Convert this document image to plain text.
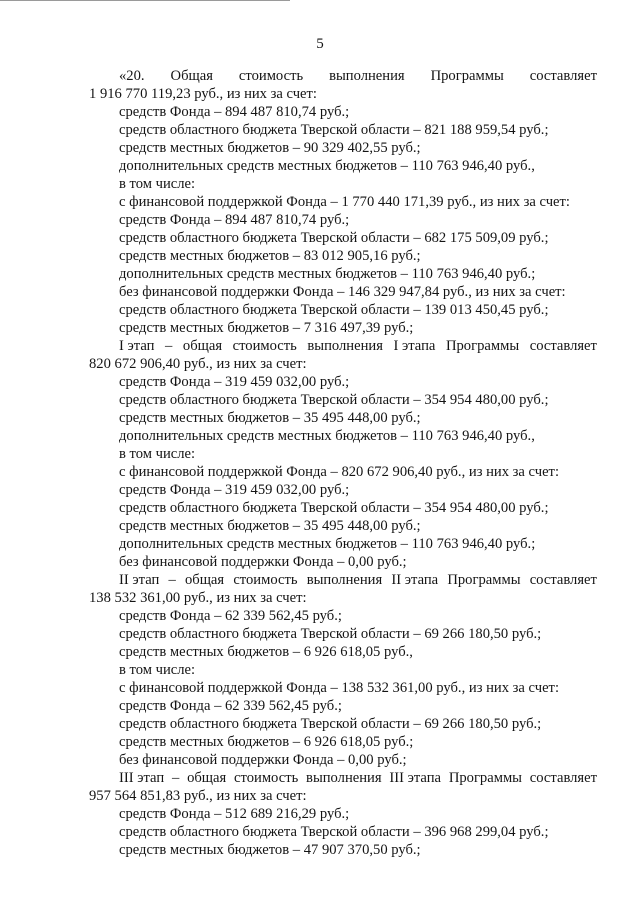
5
«20. Общая стоимость выполнения Программы составляет
1 916 770 119,23 руб., из них за счет:
средств Фонда – 894 487 810,74 руб.;
средств областного бюджета Тверской области – 821 188 959,54 руб.;
средств местных бюджетов – 90 329 402,55 руб.;
дополнительных средств местных бюджетов – 110 763 946,40 руб.,
в том числе:
с финансовой поддержкой Фонда – 1 770 440 171,39 руб., из них за счет:
средств Фонда – 894 487 810,74 руб.;
средств областного бюджета Тверской области – 682 175 509,09 руб.;
средств местных бюджетов – 83 012 905,16 руб.;
дополнительных средств местных бюджетов – 110 763 946,40 руб.;
без финансовой поддержки Фонда – 146 329 947,84 руб., из них за счет:
средств областного бюджета Тверской области – 139 013 450,45 руб.;
средств местных бюджетов – 7 316 497,39 руб.;
I этап – общая стоимость выполнения I этапа Программы составляет
820 672 906,40 руб., из них за счет:
средств Фонда – 319 459 032,00 руб.;
средств областного бюджета Тверской области – 354 954 480,00 руб.;
средств местных бюджетов – 35 495 448,00 руб.;
дополнительных средств местных бюджетов – 110 763 946,40 руб.,
в том числе:
с финансовой поддержкой Фонда – 820 672 906,40 руб., из них за счет:
средств Фонда – 319 459 032,00 руб.;
средств областного бюджета Тверской области – 354 954 480,00 руб.;
средств местных бюджетов – 35 495 448,00 руб.;
дополнительных средств местных бюджетов – 110 763 946,40 руб.;
без финансовой поддержки Фонда – 0,00 руб.;
II этап – общая стоимость выполнения II этапа Программы составляет
138 532 361,00 руб., из них за счет:
средств Фонда – 62 339 562,45 руб.;
средств областного бюджета Тверской области – 69 266 180,50 руб.;
средств местных бюджетов – 6 926 618,05 руб.,
в том числе:
с финансовой поддержкой Фонда – 138 532 361,00 руб., из них за счет:
средств Фонда – 62 339 562,45 руб.;
средств областного бюджета Тверской области – 69 266 180,50 руб.;
средств местных бюджетов – 6 926 618,05 руб.;
без финансовой поддержки Фонда – 0,00 руб.;
III этап – общая стоимость выполнения III этапа Программы составляет
957 564 851,83 руб., из них за счет:
средств Фонда – 512 689 216,29 руб.;
средств областного бюджета Тверской области – 396 968 299,04 руб.;
средств местных бюджетов – 47 907 370,50 руб.;
